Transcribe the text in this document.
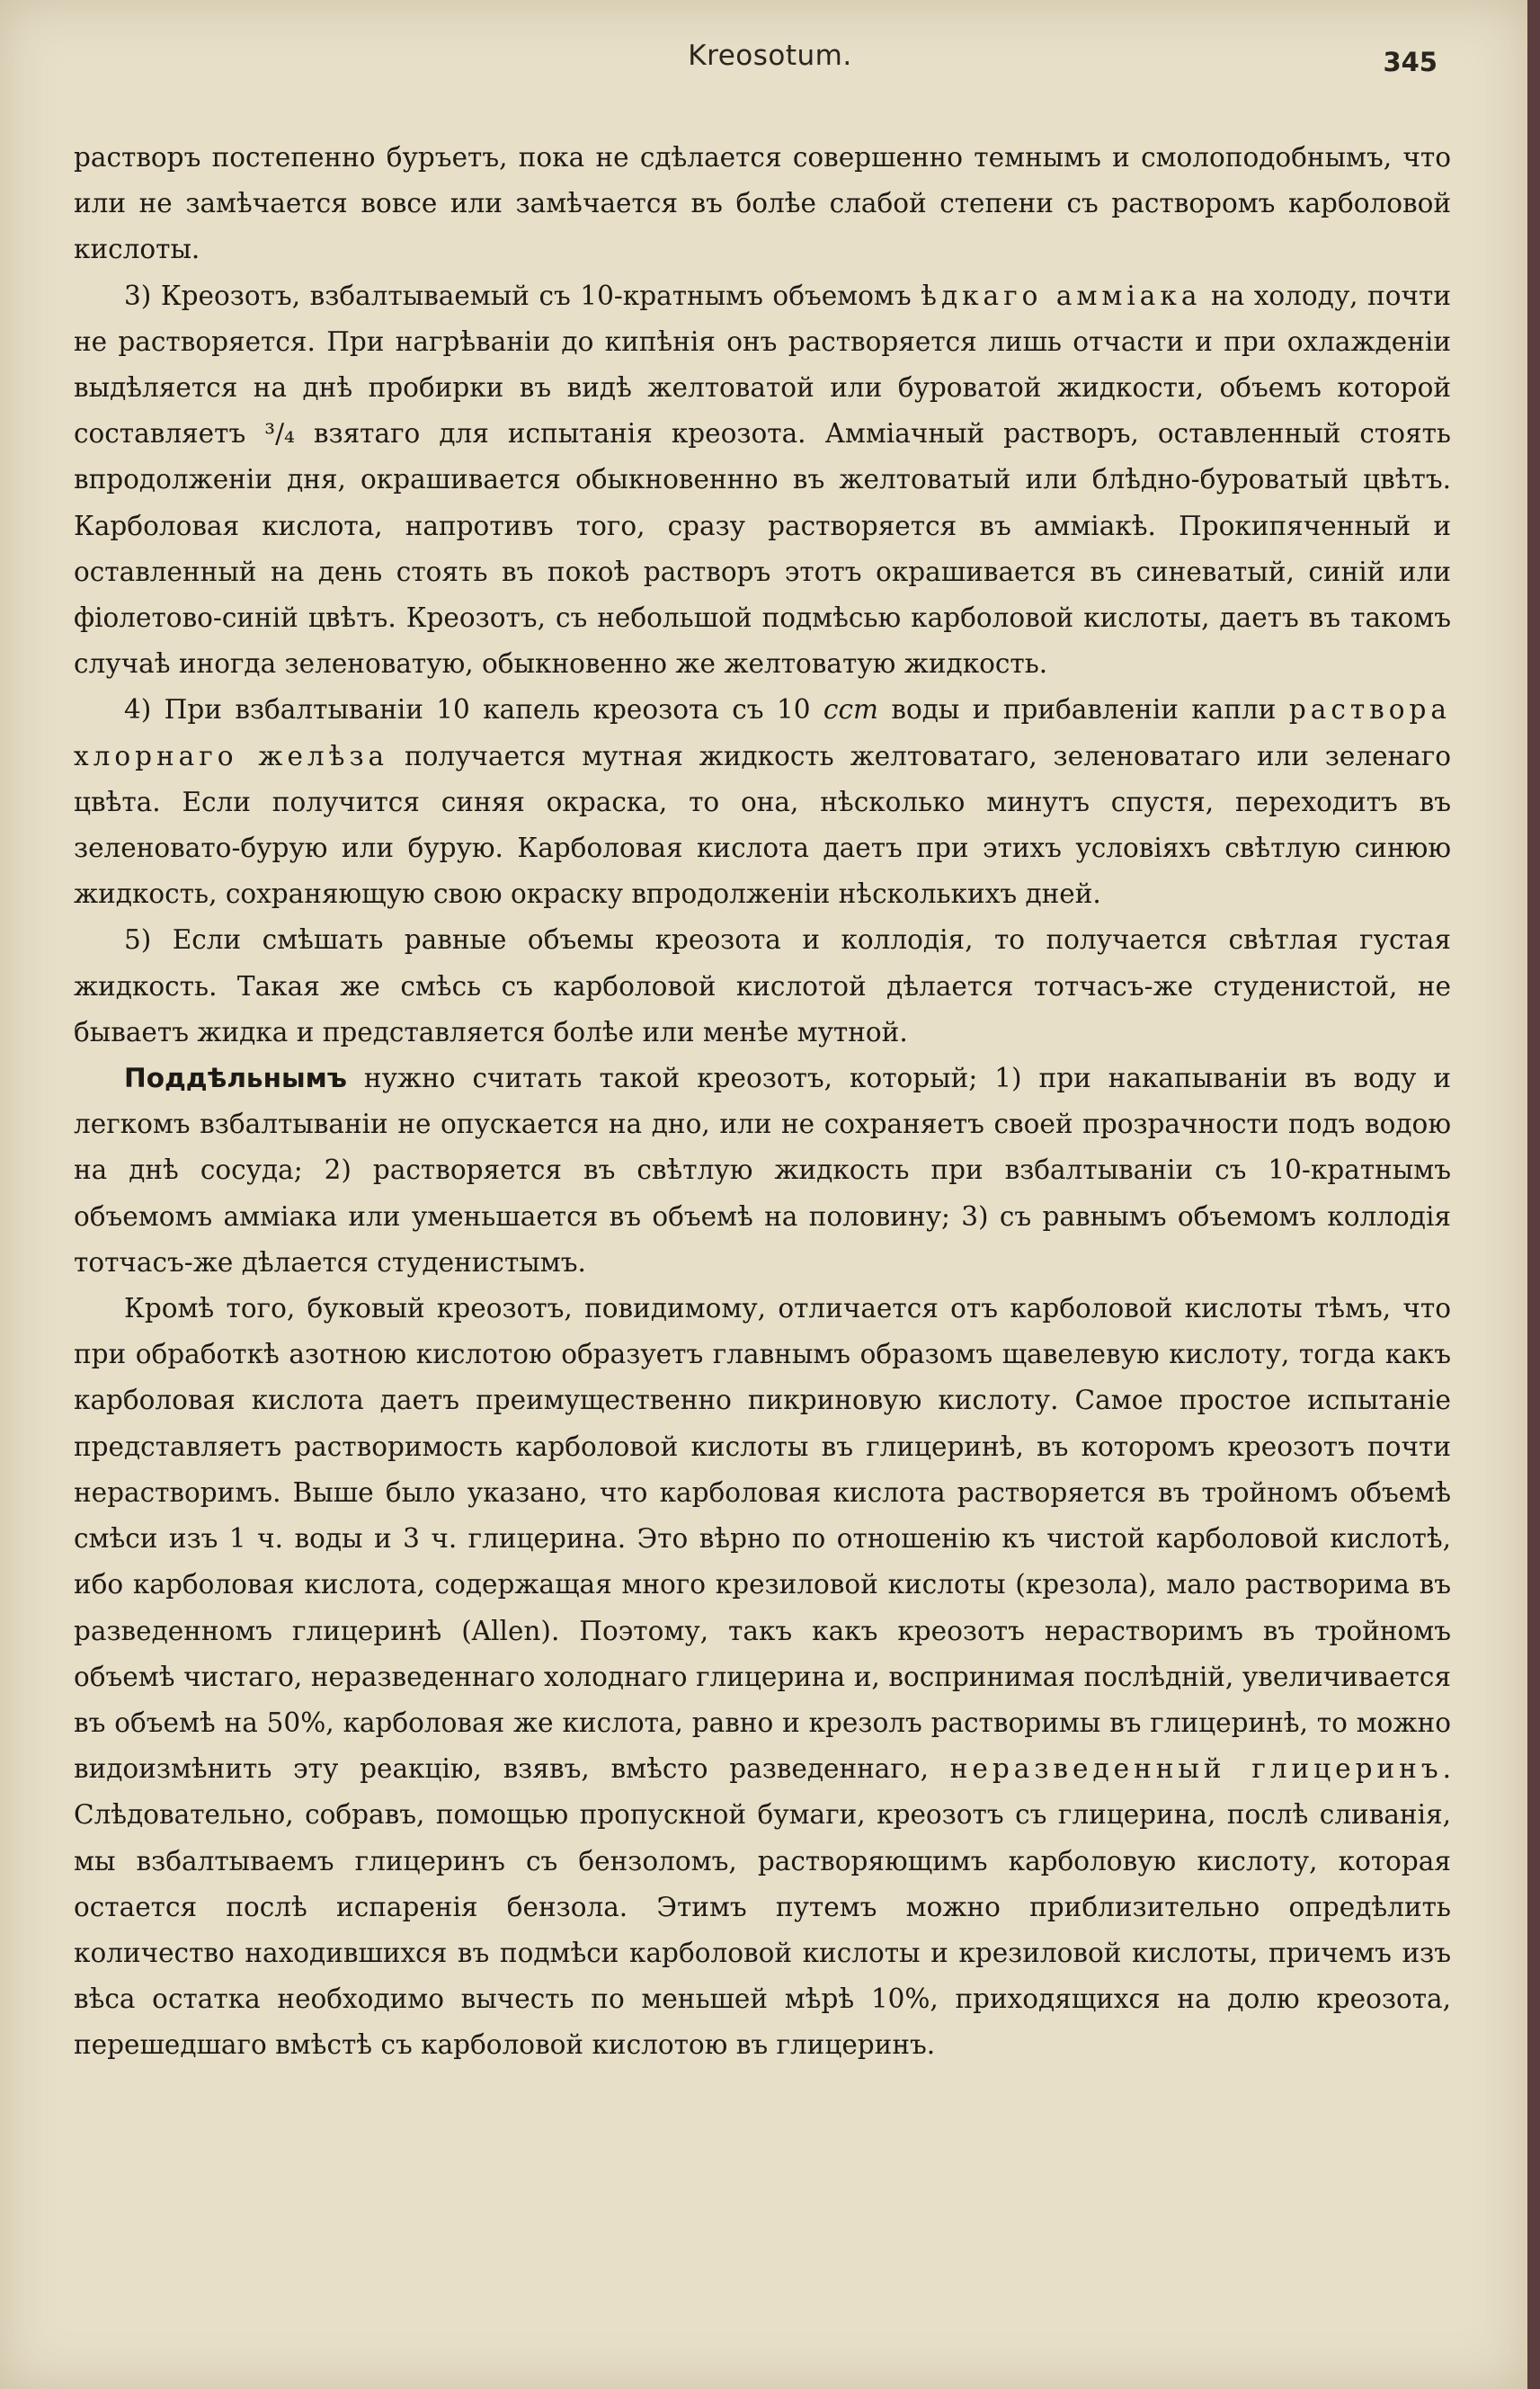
Kreosotum.	345

растворъ постепенно буръетъ, пока не сдѣлается совершенно темнымъ и смолоподобнымъ, что или не замѣчается вовсе или замѣчается въ болѣе слабой степени съ растворомъ карболовой кислоты.

3) Креозотъ, взбалтываемый съ 10-кратнымъ объемомъ ѣдкаго амміака на холоду, почти не растворяется. При нагрѣваніи до кипѣнія онъ растворяется лишь отчасти и при охлажденіи выдѣляется на днѣ пробирки въ видѣ желтоватой или буроватой жидкости, объемъ которой составляетъ ³/₄ взятаго для испытанія креозота. Амміачный растворъ, оставленный стоять впродолженіи дня, окрашивается обыкновеннно въ желтоватый или блѣдно-буроватый цвѣтъ. Карболовая кислота, напротивъ того, сразу растворяется въ амміакѣ. Прокипяченный и оставленный на день стоять въ покоѣ растворъ этотъ окрашивается въ синеватый, синій или фіолетово-синій цвѣтъ. Креозотъ, съ небольшой подмѣсью карболовой кислоты, даетъ въ такомъ случаѣ иногда зеленоватую, обыкновенно же желтоватую жидкость.

4) При взбалтываніи 10 капель креозота съ 10 ccm воды и прибавленіи капли раствора хлорнаго желѣза получается мутная жидкость желтоватаго, зеленоватаго или зеленаго цвѣта. Если получится синяя окраска, то она, нѣсколько минутъ спустя, переходитъ въ зеленовато-бурую или бурую. Карболовая кислота даетъ при этихъ условіяхъ свѣтлую синюю жидкость, сохраняющую свою окраску впродолженіи нѣсколькихъ дней.

5) Если смѣшать равные объемы креозота и коллодія, то получается свѣтлая густая жидкость. Такая же смѣсь съ карболовой кислотой дѣлается тотчасъ-же студенистой, не бываетъ жидка и представляется болѣе или менѣе мутной.

Поддѣльнымъ нужно считать такой креозотъ, который; 1) при накапываніи въ воду и легкомъ взбалтываніи не опускается на дно, или не сохраняетъ своей прозрачности подъ водою на днѣ сосуда; 2) растворяется въ свѣтлую жидкость при взбалтываніи съ 10-кратнымъ объемомъ амміака или уменьшается въ объемѣ на половину; 3) съ равнымъ объемомъ коллодія тотчасъ-же дѣлается студенистымъ.

Кромѣ того, буковый креозотъ, повидимому, отличается отъ карболовой кислоты тѣмъ, что при обработкѣ азотною кислотою образуетъ главнымъ образомъ щавелевую кислоту, тогда какъ карболовая кислота даетъ преимущественно пикриновую кислоту. Самое простое испытаніе представляетъ растворимость карболовой кислоты въ глицеринѣ, въ которомъ креозотъ почти нерастворимъ. Выше было указано, что карболовая кислота растворяется въ тройномъ объемѣ смѣси изъ 1 ч. воды и 3 ч. глицерина. Это вѣрно по отношенію къ чистой карболовой кислотѣ, ибо карболовая кислота, содержащая много крезиловой кислоты (крезола), мало растворима въ разведенномъ глицеринѣ (Allen). Поэтому, такъ какъ креозотъ нерастворимъ въ тройномъ объемѣ чистаго, неразведеннаго холоднаго глицерина и, воспринимая послѣдній, увеличивается въ объемѣ на 50%, карболовая же кислота, равно и крезолъ растворимы въ глицеринѣ, то можно видоизмѣнить эту реакцію, взявъ, вмѣсто разведеннаго, неразведенный глицеринъ. Слѣдовательно, собравъ, помощью пропускной бумаги, креозотъ съ глицерина, послѣ сливанія, мы взбалтываемъ глицеринъ съ бензоломъ, растворяющимъ карболовую кислоту, которая остается послѣ испаренія бензола. Этимъ путемъ можно приблизительно опредѣлить количество находившихся въ подмѣси карболовой кислоты и крезиловой кислоты, причемъ изъ вѣса остатка необходимо вычесть по меньшей мѣрѣ 10%, приходящихся на долю креозота, перешедшаго вмѣстѣ съ карболовой кислотою въ глицеринъ.
